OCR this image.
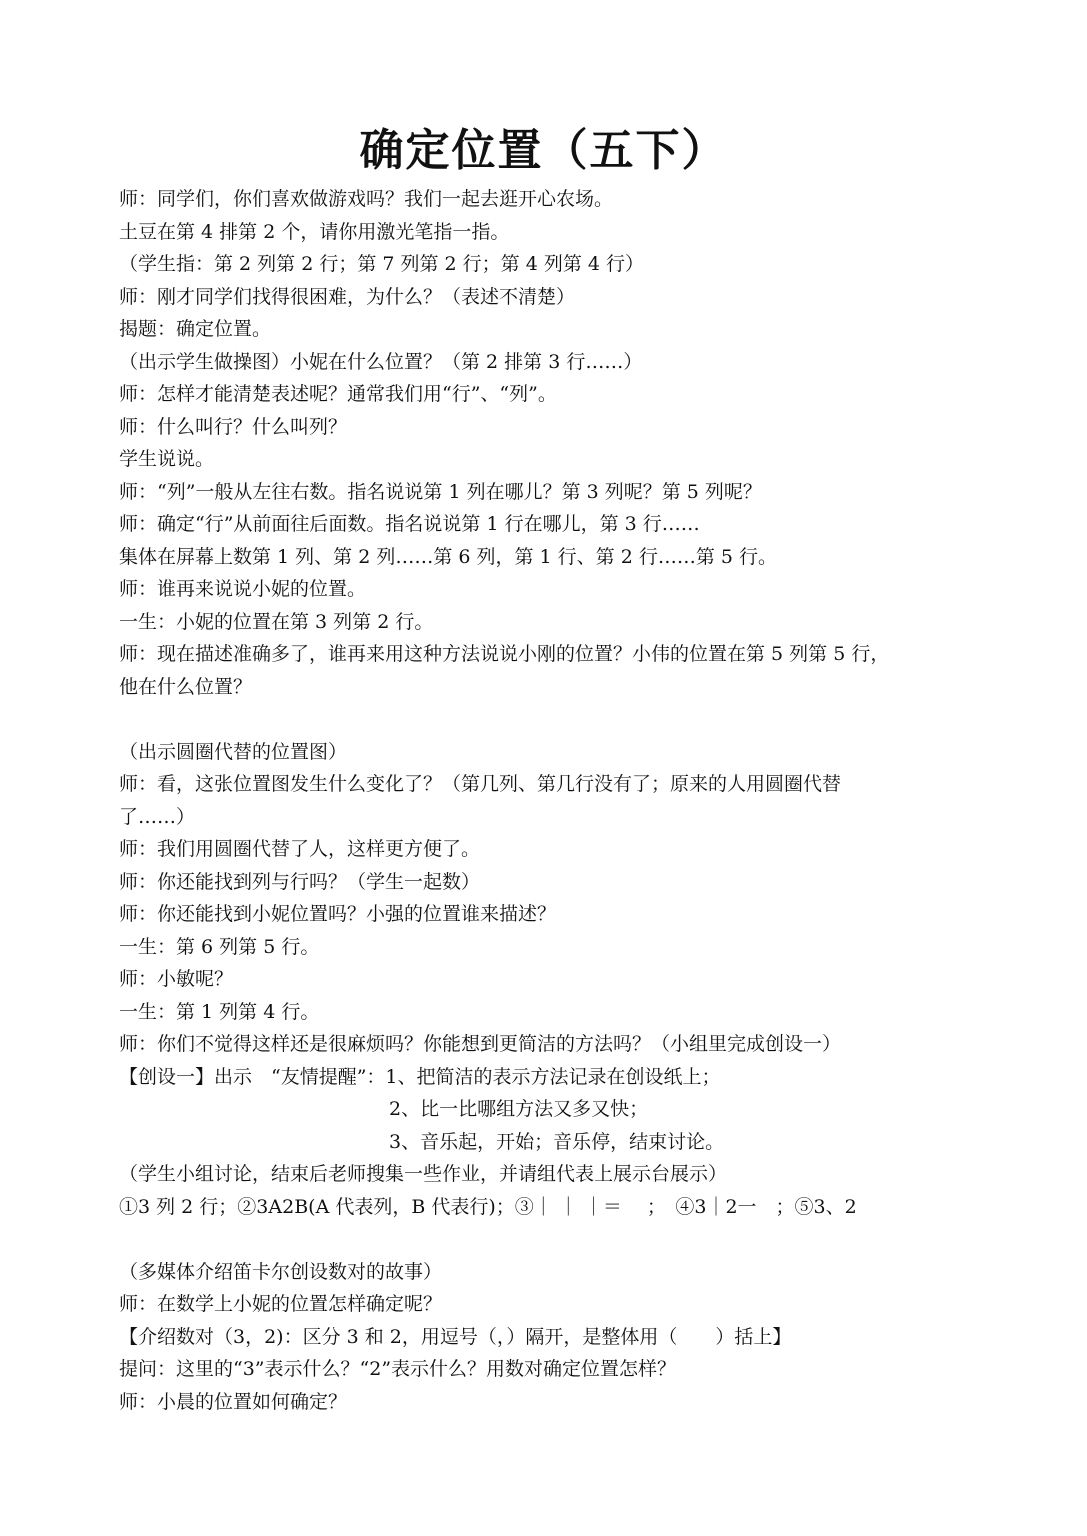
确定位置（五下）
师：同学们，你们喜欢做游戏吗？我们一起去逛开心农场。
土豆在第 4 排第 2 个，请你用激光笔指一指。
（学生指：第 2 列第 2 行；第 7 列第 2 行；第 4 列第 4 行）
师：刚才同学们找得很困难，为什么？（表述不清楚）
揭题：确定位置。
（出示学生做操图）小妮在什么位置？（第 2 排第 3 行……）
师：怎样才能清楚表述呢？通常我们用“行”、“列”。
师：什么叫行？什么叫列？
学生说说。
师：“列”一般从左往右数。指名说说第 1 列在哪儿？第 3 列呢？第 5 列呢？
师：确定“行”从前面往后面数。指名说说第 1 行在哪儿，第 3 行……
集体在屏幕上数第 1 列、第 2 列……第 6 列，第 1 行、第 2 行……第 5 行。
师：谁再来说说小妮的位置。
一生：小妮的位置在第 3 列第 2 行。
师：现在描述准确多了，谁再来用这种方法说说小刚的位置？小伟的位置在第 5 列第 5 行，
他在什么位置？
（出示圆圈代替的位置图）
师：看，这张位置图发生什么变化了？（第几列、第几行没有了；原来的人用圆圈代替
了……）
师：我们用圆圈代替了人，这样更方便了。
师：你还能找到列与行吗？（学生一起数）
师：你还能找到小妮位置吗？小强的位置谁来描述？
一生：第 6 列第 5 行。
师：小敏呢？
一生：第 1 列第 4 行。
师：你们不觉得这样还是很麻烦吗？你能想到更简洁的方法吗？（小组里完成创设一）
【创设一】出示　“友情提醒”：1、把简洁的表示方法记录在创设纸上；
2、比一比哪组方法又多又快；
3、音乐起，开始；音乐停，结束讨论。
（学生小组讨论，结束后老师搜集一些作业，并请组代表上展示台展示）
①3 列 2 行；②3A2B(A 代表列，B 代表行)；③｜ ｜ ｜＝　 ；　④3｜2一　；⑤3、2
（多媒体介绍笛卡尔创设数对的故事）
师：在数学上小妮的位置怎样确定呢？
【介绍数对（3，2)：区分 3 和 2，用逗号（，）隔开，是整体用（　　）括上】
提问：这里的“3”表示什么？“2”表示什么？用数对确定位置怎样？
师：小晨的位置如何确定？
